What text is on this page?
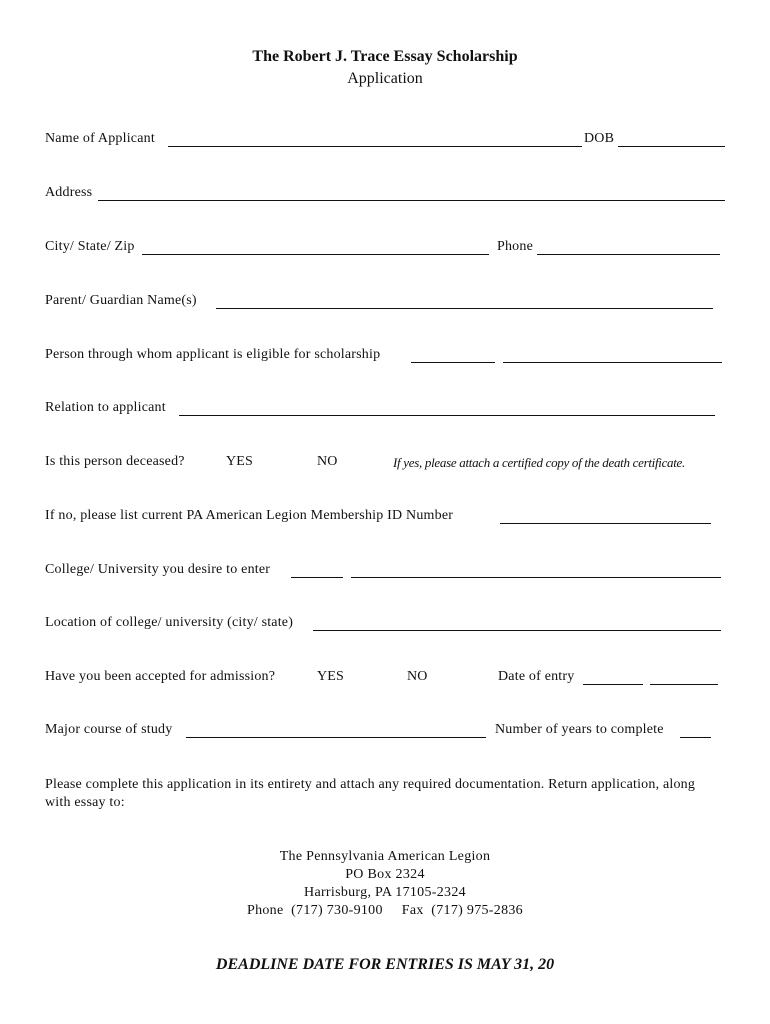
The Robert J. Trace Essay Scholarship
Application
Name of Applicant	DOB
Address
City/ State/ Zip	Phone
Parent/ Guardian Name(s)
Person through whom applicant is eligible for scholarship
Relation to applicant
Is this person deceased?	YES	NO	If yes, please attach a certified copy of the death certificate.
If no, please list current PA American Legion Membership ID Number
College/ University you desire to enter
Location of college/ university (city/ state)
Have you been accepted for admission?	YES	NO	Date of entry
Major course of study	Number of years to complete
Please complete this application in its entirety and attach any required documentation. Return application, along with essay to:
The Pennsylvania American Legion
PO Box 2324
Harrisburg, PA 17105-2324
Phone  (717) 730-9100     Fax  (717) 975-2836
DEADLINE DATE FOR ENTRIES IS MAY 31, 20
